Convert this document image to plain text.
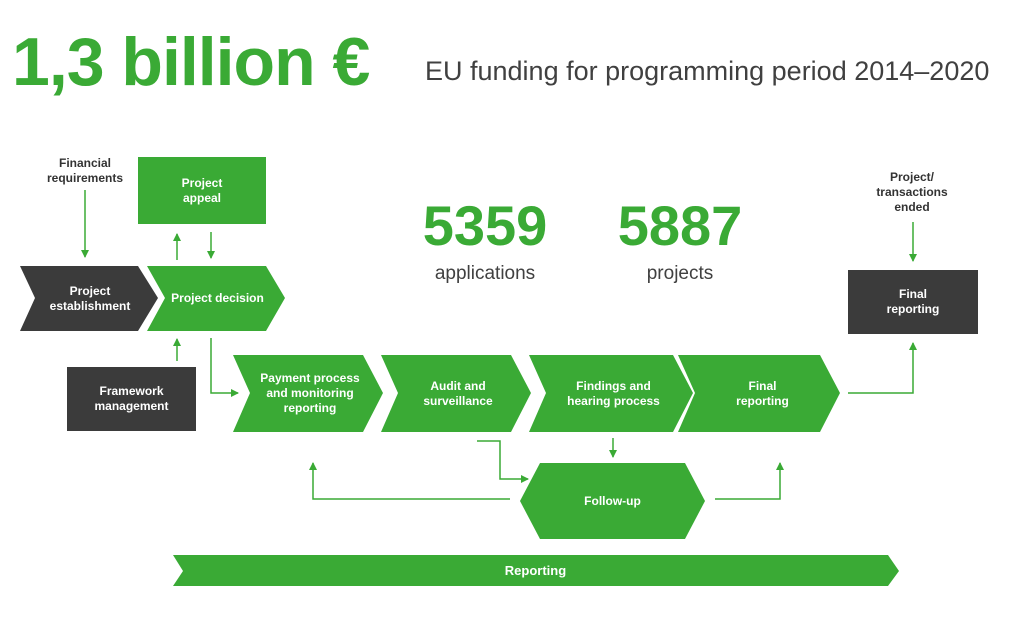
1,3 billion € EU funding for programming period 2014–2020
5359
applications
5887
projects
Financial
requirements	Project/
transactions
ended
Project
appeal
Project
establishment
Project decision
Framework
management
Final
reporting
Payment process
and monitoring
reporting
Audit and
surveillance
Findings and
hearing process
Final
reporting
Follow-up
Reporting
